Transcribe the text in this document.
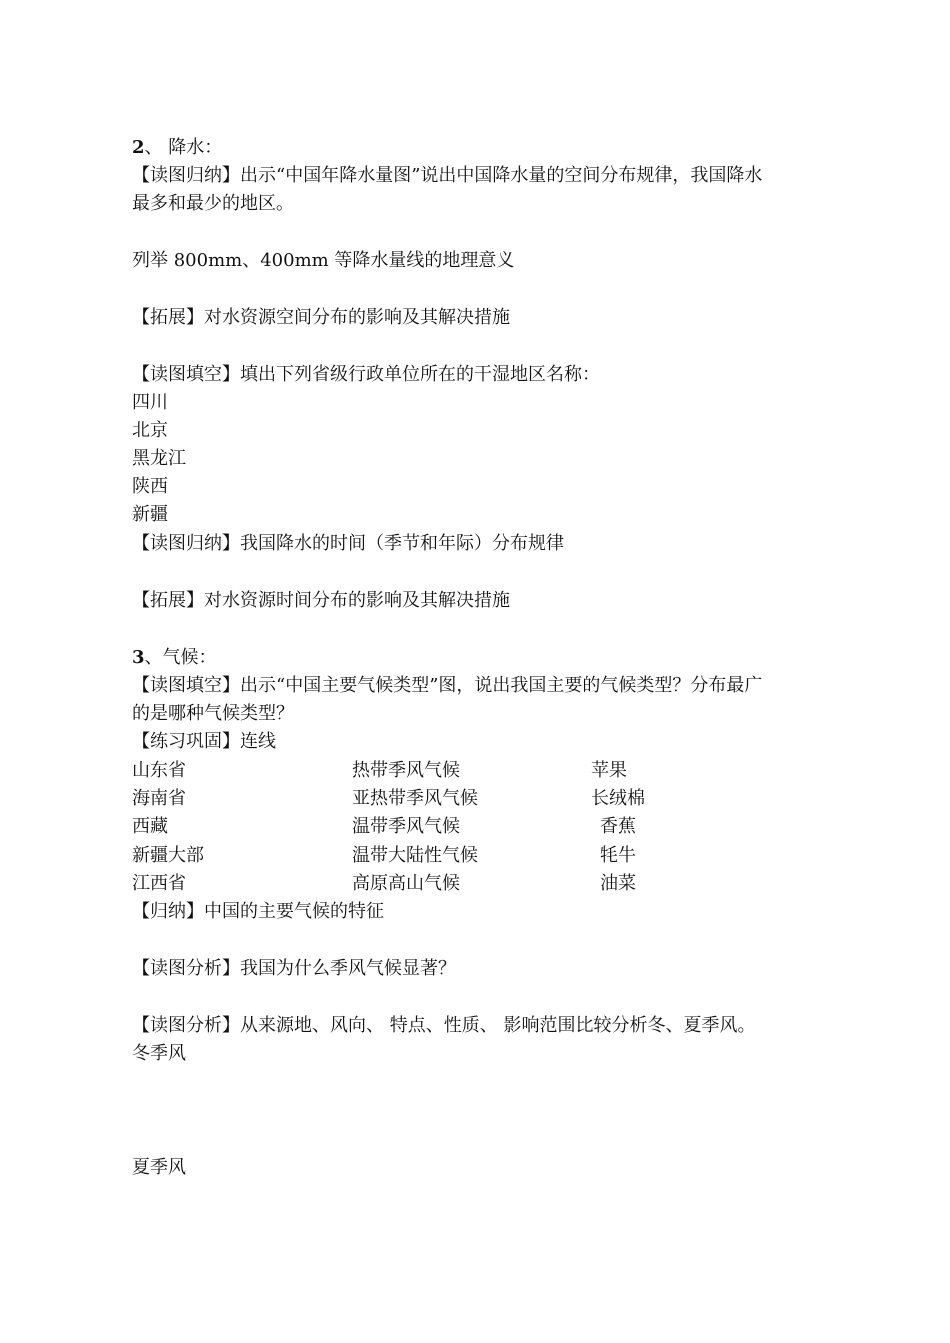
2、 降水：
【读图归纳】出示“中国年降水量图”说出中国降水量的空间分布规律，我国降水
最多和最少的地区。
列举 800mm、400mm 等降水量线的地理意义
【拓展】对水资源空间分布的影响及其解决措施
【读图填空】填出下列省级行政单位所在的干湿地区名称：
四川
北京
黑龙江
陕西
新疆
【读图归纳】我国降水的时间（季节和年际）分布规律
【拓展】对水资源时间分布的影响及其解决措施
3、气候：
【读图填空】出示“中国主要气候类型”图，说出我国主要的气候类型？分布最广
的是哪种气候类型？
【练习巩固】连线
山东省	热带季风气候	苹果
海南省	亚热带季风气候	长绒棉
西藏	温带季风气候	香蕉
新疆大部	温带大陆性气候	牦牛
江西省	高原高山气候	油菜
【归纳】中国的主要气候的特征
【读图分析】我国为什么季风气候显著？
【读图分析】从来源地、风向、 特点、性质、 影响范围比较分析冬、夏季风。
冬季风
夏季风
